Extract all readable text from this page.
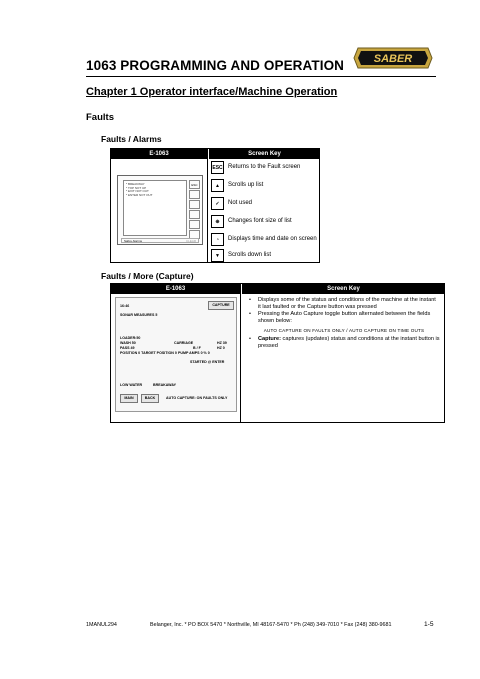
1063 PROGRAMMING AND OPERATION	SABER
Chapter 1 Operator interface/Machine Operation
Faults
Faults / Alarms
E-1063	Screen Key
* BREAKWAY
* TOP NOT UP
* EXIT NOT OUT
* ENTER NOT OUT
ESC
CLEAR
Sabre Alarms
ESC Returns to the Fault screen
▲	Scrolls up list
✓	Not used
⊕	Changes font size of list
◔	Displays time and date on screen
▼	Scrolls down list
Faults / More (Capture)
E-1063	Screen Key
16:46	CAPTURE
SONAR MEASURES 5
LOADER:50
WASH 50
PASS 49
POSITION 0 TARGET POSITION 0
CARRIAGE	HZ 39
B / F	HZ 0
PUMP AMPS 0 % 0
STARTED @ ENTER
LOW WATER	BREAKAWAY
MAIN	BACK	AUTO CAPTURE: ON FAULTS ONLY
• Displays some of the status and conditions of the machine at the instant it last faulted or the Capture button was pressed
• Pressing the Auto Capture toggle button alternated between the fields shown below:
AUTO CAPTURE ON FAULTS ONLY / AUTO CAPTURE ON TIME OUTS
• Capture: captures (updates) status and conditions at the instant button is pressed
1MANUL294	Belanger, Inc. * PO BOX 5470 * Northville, MI 48167-5470 * Ph (248) 349-7010 * Fax (248) 380-9681	1-5
